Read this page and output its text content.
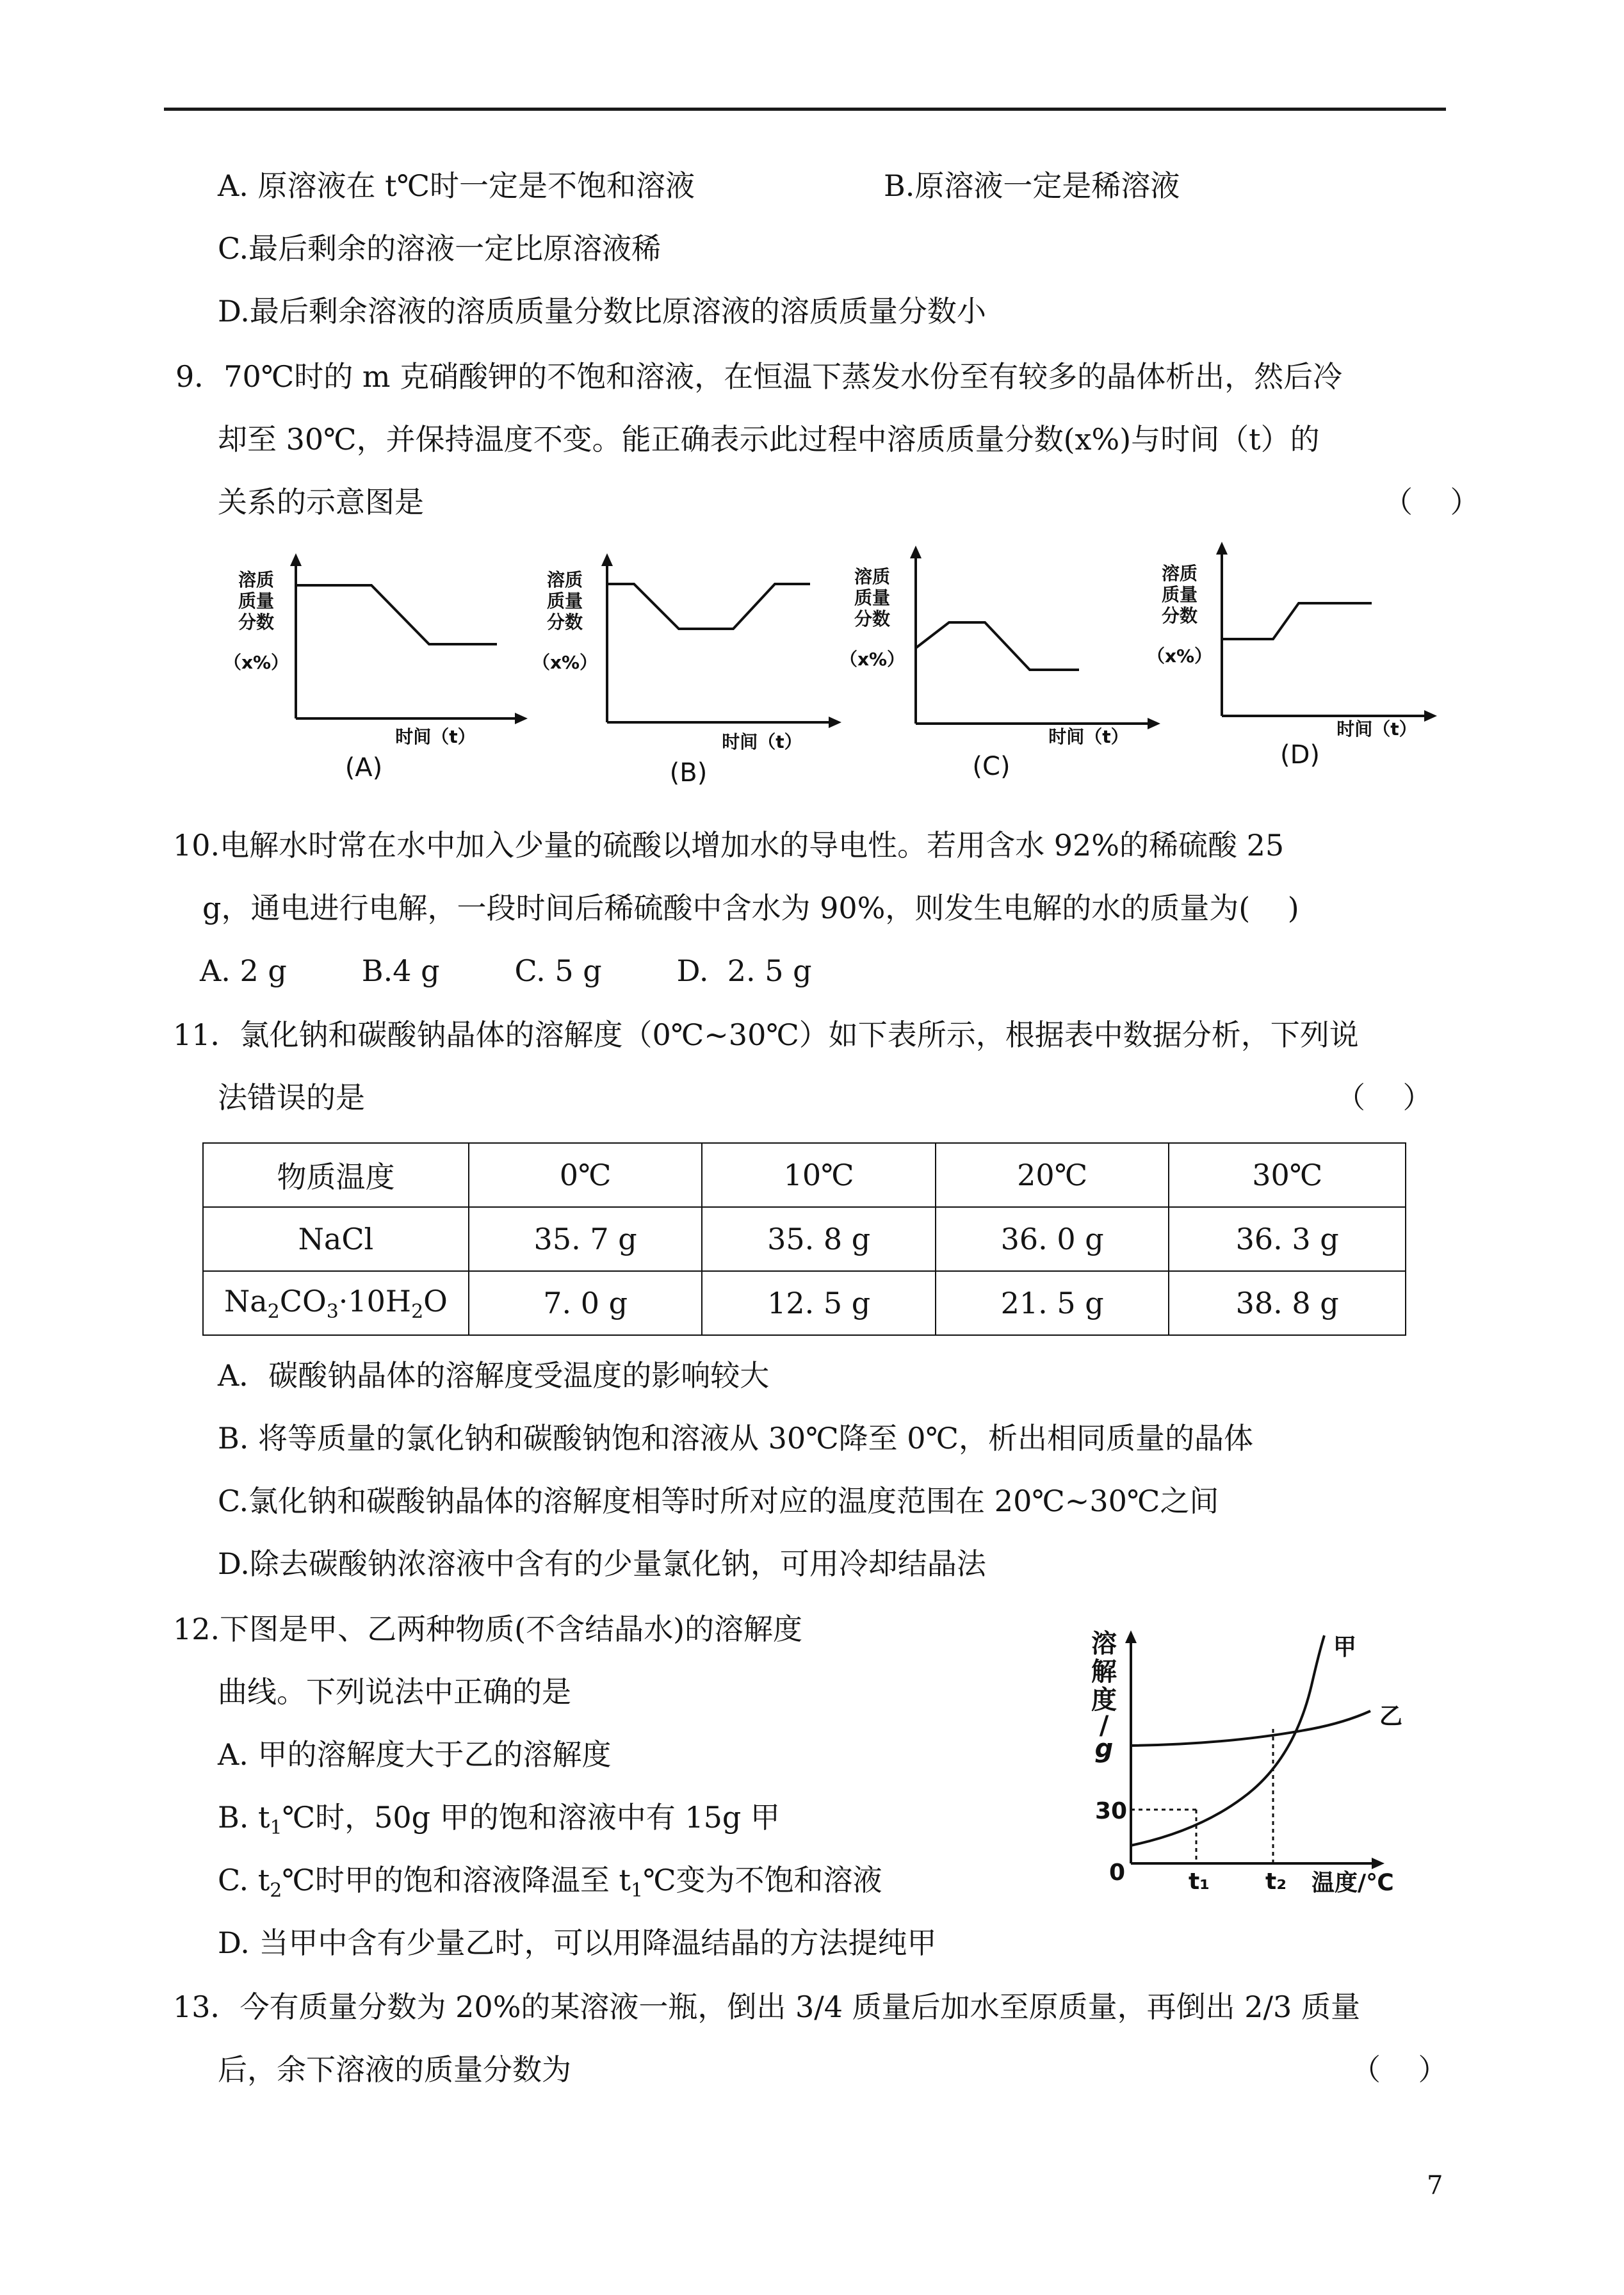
A. 原溶液在 t℃时一定是不饱和溶液	B.原溶液一定是稀溶液
C.最后剩余的溶液一定比原溶液稀
D.最后剩余溶液的溶质质量分数比原溶液的溶质质量分数小
9．70℃时的 m 克硝酸钾的不饱和溶液，在恒温下蒸发水份至有较多的晶体析出，然后冷
却至 30℃，并保持温度不变。能正确表示此过程中溶质质量分数(x%)与时间（t）的
关系的示意图是	（    ）
溶质
质量
分数
（x%）
时间（t）
(A)
溶质
质量
分数
（x%）
时间（t）
(B)
溶质
质量
分数
（x%）
时间（t）
(C)
溶质
质量
分数
（x%）
时间（t）
(D)
10.电解水时常在水中加入少量的硫酸以增加水的导电性。若用含水 92%的稀硫酸 25
g，通电进行电解，一段时间后稀硫酸中含水为 90%，则发生电解的水的质量为(    )
A. 2 g        B.4 g        C. 5 g        D.  2. 5 g
11．氯化钠和碳酸钠晶体的溶解度（0℃~30℃）如下表所示，根据表中数据分析，下列说
法错误的是	（    ）
物质温度	0℃	10℃	20℃	30℃
NaCl	35. 7 g	35. 8 g	36. 0 g	36. 3 g
$Na_2CO_3\cdot 10H_2O$	7. 0 g	12. 5 g	21. 5 g	38. 8 g
A．碳酸钠晶体的溶解度受温度的影响较大
B. 将等质量的氯化钠和碳酸钠饱和溶液从 30℃降至 0℃，析出相同质量的晶体
C.氯化钠和碳酸钠晶体的溶解度相等时所对应的温度范围在 20℃~30℃之间
D.除去碳酸钠浓溶液中含有的少量氯化钠，可用冷却结晶法
12.下图是甲、乙两种物质(不含结晶水)的溶解度
曲线。下列说法中正确的是
A. 甲的溶解度大于乙的溶解度
B. $t_1℃$时，50g 甲的饱和溶液中有 15g 甲
C. $t_2℃$时甲的饱和溶液降温至 $t_1℃$变为不饱和溶液
D. 当甲中含有少量乙时，可以用降温结晶的方法提纯甲
溶
解
度
/
g
甲
乙
30
0	t₁ t₂ 温度/℃
13．今有质量分数为 20%的某溶液一瓶，倒出 3/4 质量后加水至原质量，再倒出 2/3 质量
后，余下溶液的质量分数为	（    ）
7
